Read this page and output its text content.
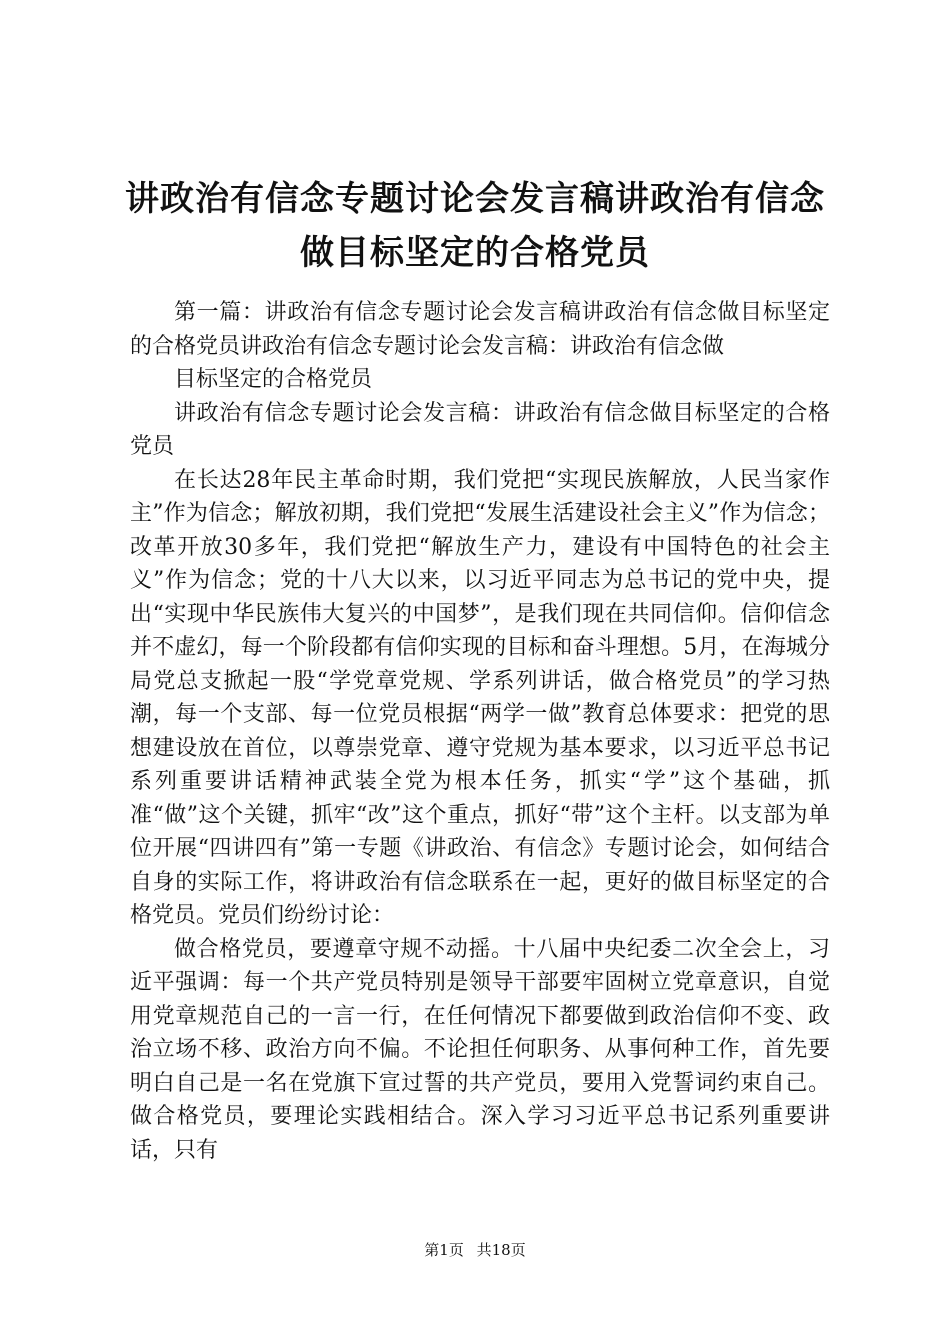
讲政治有信念专题讨论会发言稿讲政治有信念做目标坚定的合格党员

第一篇：讲政治有信念专题讨论会发言稿讲政治有信念做目标坚定的合格党员讲政治有信念专题讨论会发言稿：讲政治有信念做

目标坚定的合格党员

讲政治有信念专题讨论会发言稿：讲政治有信念做目标坚定的合格党员

在长达28年民主革命时期，我们党把“实现民族解放，人民当家作主”作为信念；解放初期，我们党把“发展生活建设社会主义”作为信念；改革开放30多年，我们党把“解放生产力，建设有中国特色的社会主义”作为信念；党的十八大以来，以习近平同志为总书记的党中央，提出“实现中华民族伟大复兴的中国梦”，是我们现在共同信仰。信仰信念并不虚幻，每一个阶段都有信仰实现的目标和奋斗理想。5月，在海城分局党总支掀起一股“学党章党规、学系列讲话，做合格党员”的学习热潮，每一个支部、每一位党员根据“两学一做”教育总体要求：把党的思想建设放在首位，以尊崇党章、遵守党规为基本要求，以习近平总书记系列重要讲话精神武装全党为根本任务，抓实“学”这个基础，抓准“做”这个关键，抓牢“改”这个重点，抓好“带”这个主杆。以支部为单位开展“四讲四有”第一专题《讲政治、有信念》专题讨论会，如何结合自身的实际工作，将讲政治有信念联系在一起，更好的做目标坚定的合格党员。党员们纷纷讨论：

做合格党员，要遵章守规不动摇。十八届中央纪委二次全会上，习近平强调：每一个共产党员特别是领导干部要牢固树立党章意识，自觉用党章规范自己的一言一行，在任何情况下都要做到政治信仰不变、政治立场不移、政治方向不偏。不论担任何职务、从事何种工作，首先要明白自己是一名在党旗下宣过誓的共产党员，要用入党誓词约束自己。做合格党员，要理论实践相结合。深入学习习近平总书记系列重要讲话，只有

第1页 共18页
